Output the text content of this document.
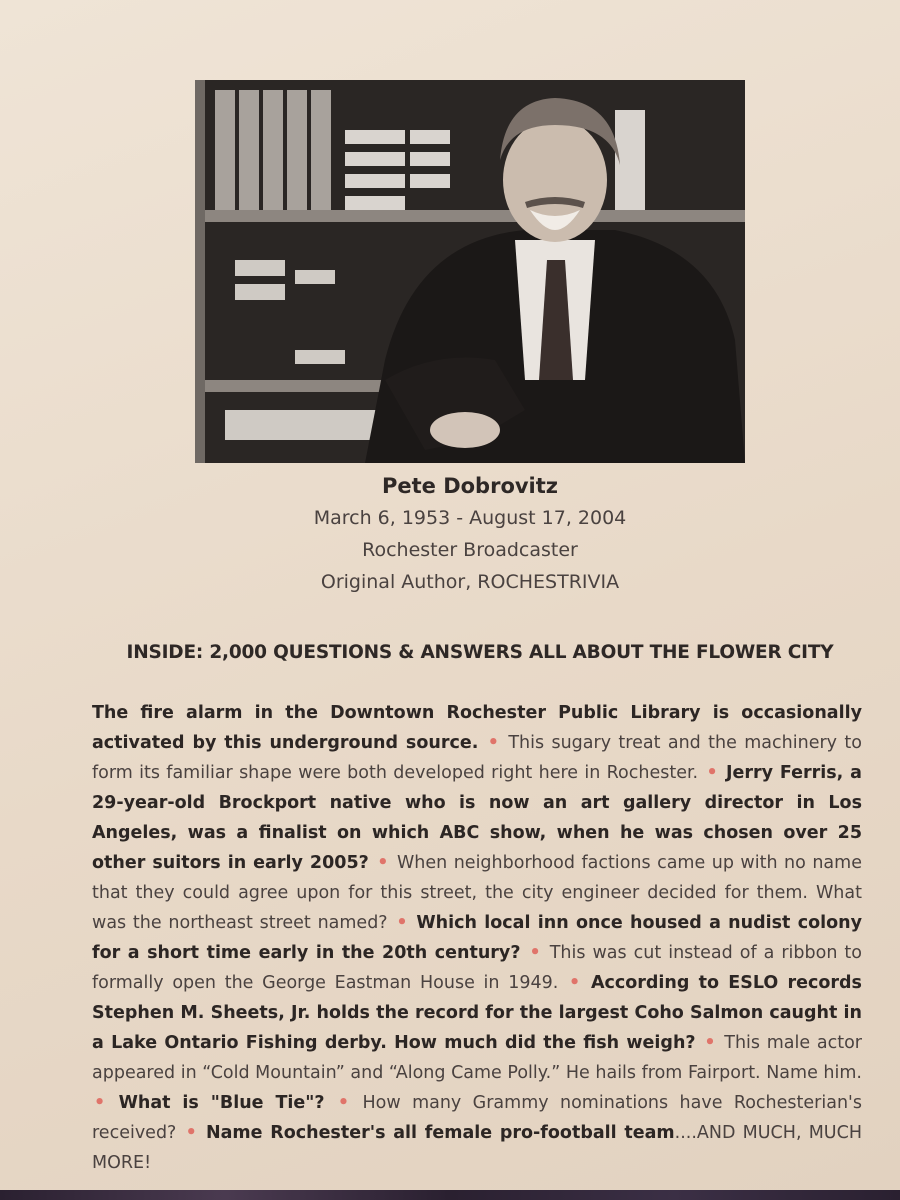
Pete Dobrovitz
March 6, 1953 - August 17, 2004
Rochester Broadcaster
Original Author, ROCHESTRIVIA
INSIDE: 2,000 QUESTIONS & ANSWERS ALL ABOUT THE FLOWER CITY
The fire alarm in the Downtown Rochester Public Library is occasionally activated by this underground source. • This sugary treat and the machinery to form its familiar shape were both developed right here in Rochester. • Jerry Ferris, a 29-year-old Brockport native who is now an art gallery director in Los Angeles, was a finalist on which ABC show, when he was chosen over 25 other suitors in early 2005? • When neighborhood factions came up with no name that they could agree upon for this street, the city engineer decided for them. What was the northeast street named? • Which local inn once housed a nudist colony for a short time early in the 20th century? • This was cut instead of a ribbon to formally open the George Eastman House in 1949. • According to ESLO records Stephen M. Sheets, Jr. holds the record for the largest Coho Salmon caught in a Lake Ontario Fishing derby. How much did the fish weigh? • This male actor appeared in “Cold Mountain” and “Along Came Polly.” He hails from Fairport. Name him. • What is "Blue Tie"? • How many Grammy nominations have Rochesterian's received? • Name Rochester's all female pro-football team....AND MUCH, MUCH MORE!
